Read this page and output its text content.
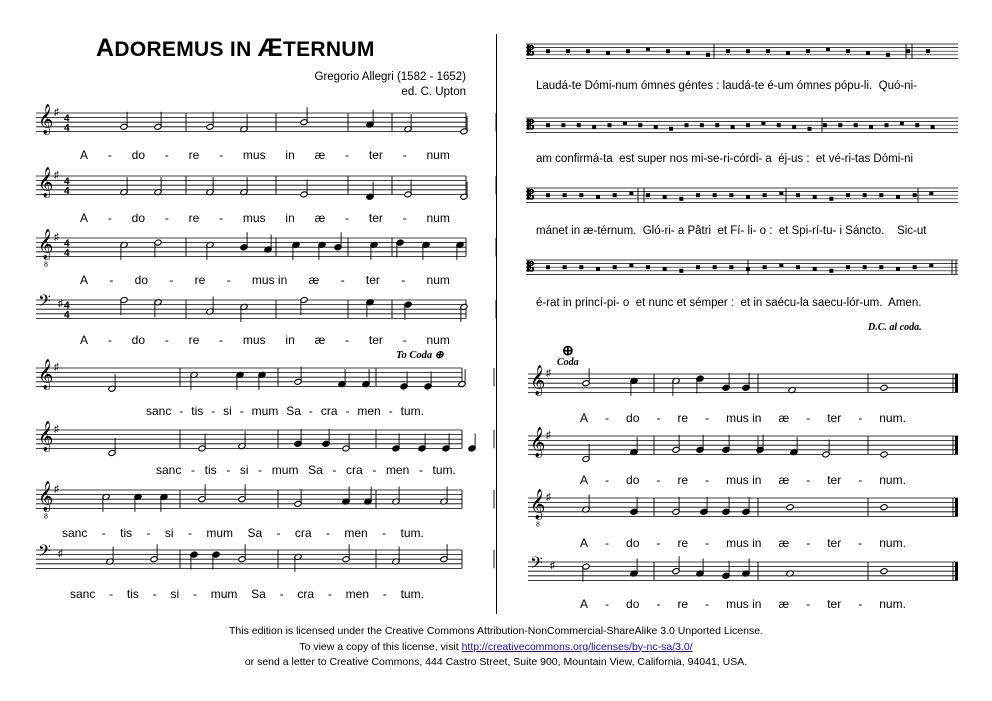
ADOREMUS IN ÆTERNUM
Gregorio Allegri (1582 - 1652)
ed. C. Upton
𝄞 ♯
4
4
𝄞 ♯
4
4
𝄞
8
♯
4
4
𝄢 ♯ 4
4
A - do - re - mus in æ - ter - num
A - do - re - mus in æ - ter - num
A - do - re - mus in æ - ter - num
A - do - re - mus in æ - ter - num
To Coda ⊕
𝄞 ♯
𝄞 ♯
𝄞
8
♯
𝄢 ♯
sanc - tis - si - mum Sa - cra - men - tum.
sanc - tis - si - mum Sa - cra - men - tum.
sanc - tis - si - mum Sa - cra - men - tum.
sanc - tis - si - mum Sa - cra - men - tum.
𝄡
𝄡
𝄡
𝄡
Laudá-te Dómi-num ómnes géntes : laudá-te é-um ómnes pópu-li.  Quó-ni-
am confirmá-ta  est super nos mi-se-ri-córdi- a  éj-us :  et vé-ri-tas Dómi-ni
mánet in æ-térnum.  Gló-ri- a Pâtri  et Fí- li- o :  et Spi-rí-tu- i Sáncto.    Sic-ut
é-rat in princí-pi- o  et nunc et sémper :  et in saécu-la saecu-lór-um.  Amen.
D.C. al coda.
⊕
Coda
𝄞 ♯
𝄞 ♯
𝄞
8
♯
𝄢 ♯
A - do - re - mus in æ - ter - num.
A - do - re - mus in æ - ter - num.
A - do - re - mus in æ - ter - num.
A - do - re - mus in æ - ter - num.
This edition is licensed under the Creative Commons Attribution-NonCommercial-ShareAlike 3.0 Unported License.
To view a copy of this license, visit http://creativecommons.org/licenses/by-nc-sa/3.0/
or send a letter to Creative Commons, 444 Castro Street, Suite 900, Mountain View, California, 94041, USA.
